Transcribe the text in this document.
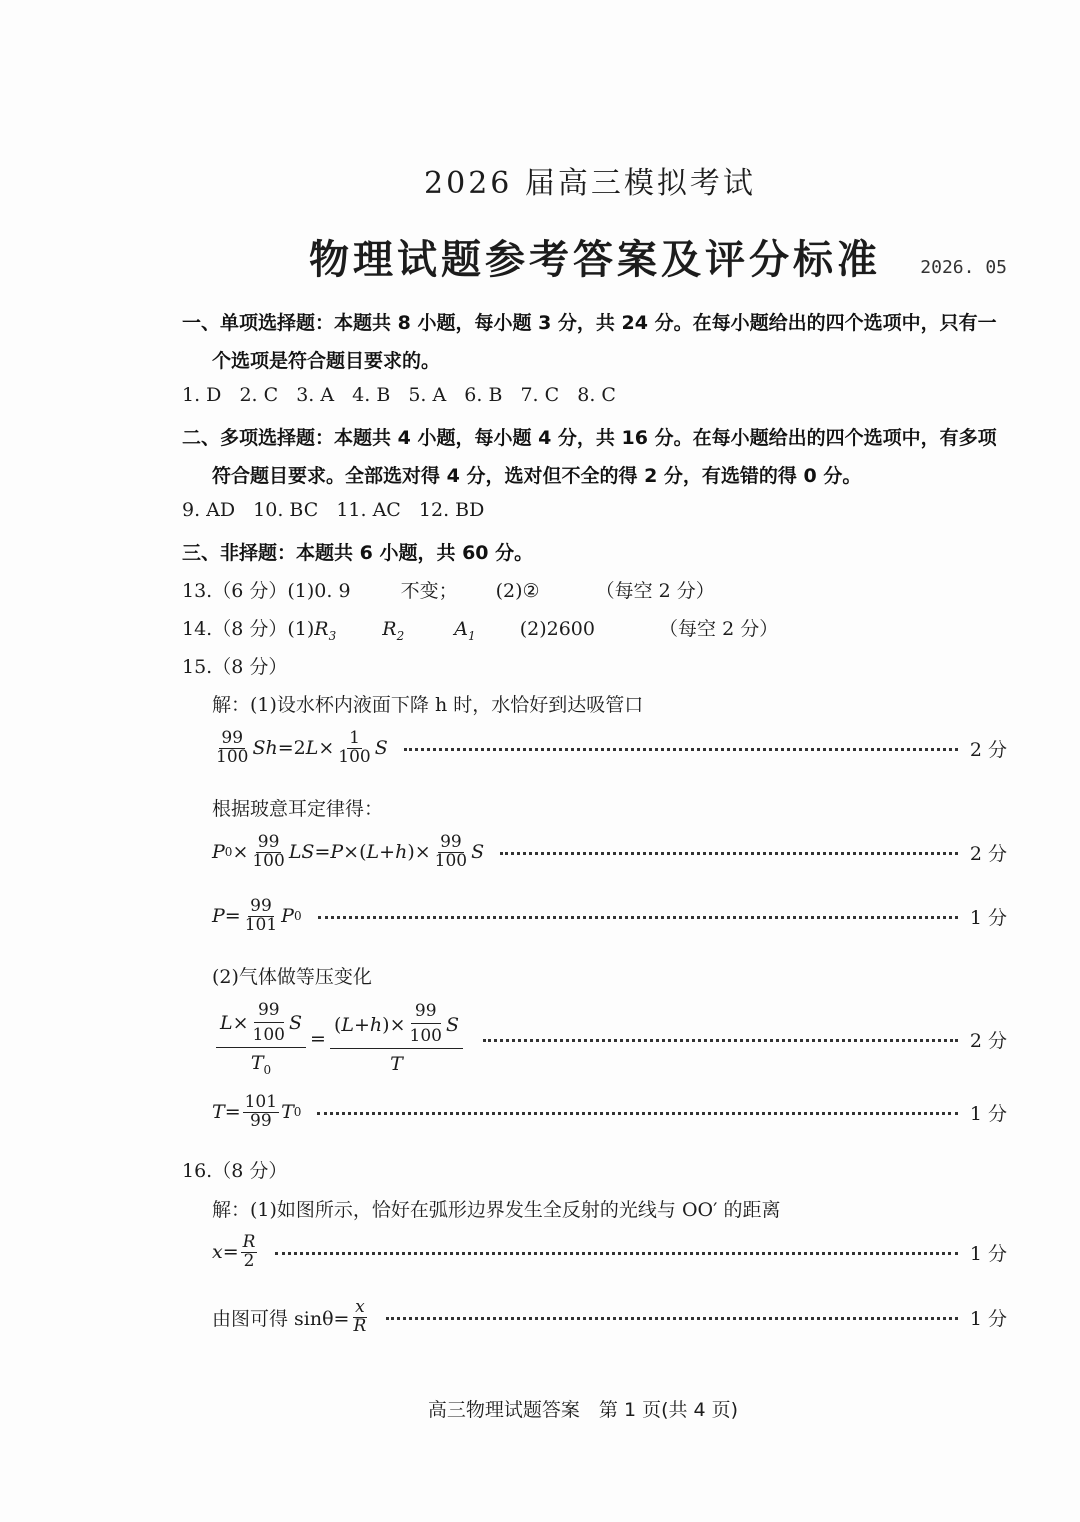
2026 届高三模拟考试
物理试题参考答案及评分标准	2026. 05
一、单项选择题：本题共 8 小题，每小题 3 分，共 24 分。在每小题给出的四个选项中，只有一
个选项是符合题目要求的。
1. D 2. C 3. A 4. B 5. A 6. B 7. C 8. C
二、多项选择题：本题共 4 小题，每小题 4 分，共 16 分。在每小题给出的四个选项中，有多项
符合题目要求。全部选对得 4 分，选对但不全的得 2 分，有选错的得 0 分。
9. AD 10. BC 11. AC 12. BD
三、非择题：本题共 6 小题，共 60 分。
13.（6 分）(1)0. 9	不变； (2)②	（每空 2 分）
14.（8 分）$(1)R_3$ $R_2$	$A_1$ (2)2600	（每空 2 分）
15.（8 分）
解：(1)设水杯内液面下降 h 时，水恰好到达吸管口
$\frac{99}{100}$ Sh =2 $L \times \frac{1}{100}$ S	2 分
根据玻意耳定律得：
P $0 \times \frac{99}{100}$ LS = P ×( L + h )× $\frac{99}{100}$ S	2 分
$P = \frac{99}{101}$ P 0	1 分
(2)气体做等压变化
$\frac{L \times \frac{99}{100} S}{T_0} = \frac{( L + h )\times \frac{99}{100} S}{T}$	2 分
$T = \frac{101}{99}$ T 0	1 分
16.（8 分）
解：(1)如图所示，恰好在弧形边界发生全反射的光线与 OO′ 的距离
$x = \frac{R}{2}$	1 分
由图可得 $\sin\theta= \frac{x}{R}$	1 分
高三物理试题答案　第 1 页(共 4 页)
